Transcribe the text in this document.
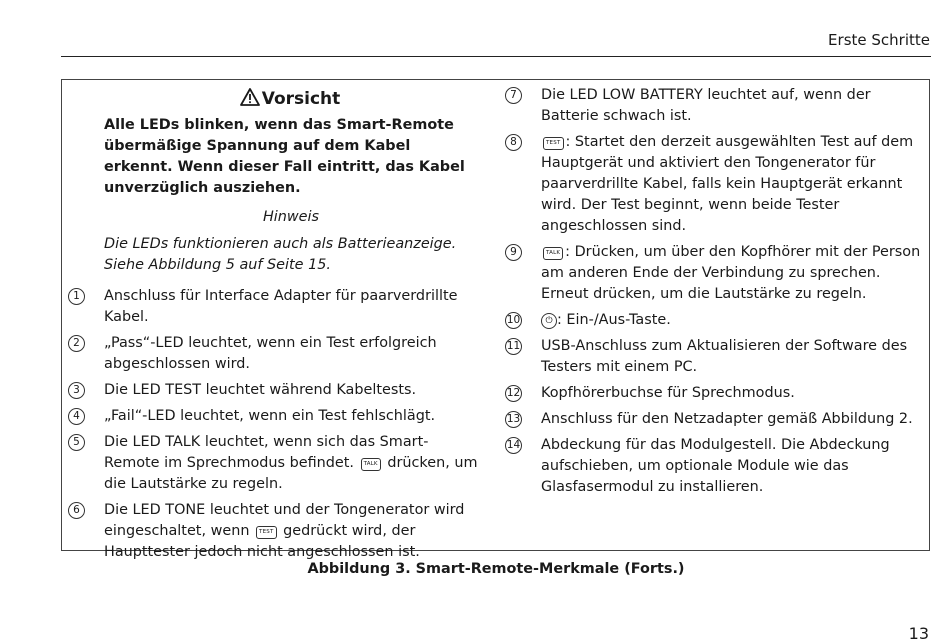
Erste Schritte
Vorsicht
Alle LEDs blinken, wenn das Smart-Remote übermäßige Spannung auf dem Kabel erkennt. Wenn dieser Fall eintritt, das Kabel unverzüglich ausziehen.
Hinweis
Die LEDs funktionieren auch als Batterieanzeige. Siehe Abbildung 5 auf Seite 15.
1	Anschluss für Interface Adapter für paarverdrillte Kabel.
2	„Pass“-LED leuchtet, wenn ein Test erfolgreich abgeschlossen wird.
3	Die LED TEST leuchtet während Kabeltests.
4	„Fail“-LED leuchtet, wenn ein Test fehlschlägt.
5	Die LED TALK leuchtet, wenn sich das Smart-Remote im Sprechmodus befindet. TALK drücken, um die Lautstärke zu regeln.
6	Die LED TONE leuchtet und der Tongenerator wird eingeschaltet, wenn TEST gedrückt wird, der Haupttester jedoch nicht angeschlossen ist.
7	Die LED LOW BATTERY leuchtet auf, wenn der Batterie schwach ist.
8	TEST : Startet den derzeit ausgewählten Test auf dem Hauptgerät und aktiviert den Tongenerator für paarverdrillte Kabel, falls kein Hauptgerät erkannt wird. Der Test beginnt, wenn beide Tester angeschlossen sind.
9	TALK : Drücken, um über den Kopfhörer mit der Person am anderen Ende der Verbindung zu sprechen. Erneut drücken, um die Lautstärke zu regeln.
10	⏻ : Ein-/Aus-Taste.
11 USB-Anschluss zum Aktualisieren der Software des Testers mit einem PC.
12 Kopfhörerbuchse für Sprechmodus.
13 Anschluss für den Netzadapter gemäß Abbildung 2.
14 Abdeckung für das Modulgestell. Die Abdeckung aufschieben, um optionale Module wie das Glasfasermodul zu installieren.
Abbildung 3. Smart-Remote-Merkmale (Forts.)
13
